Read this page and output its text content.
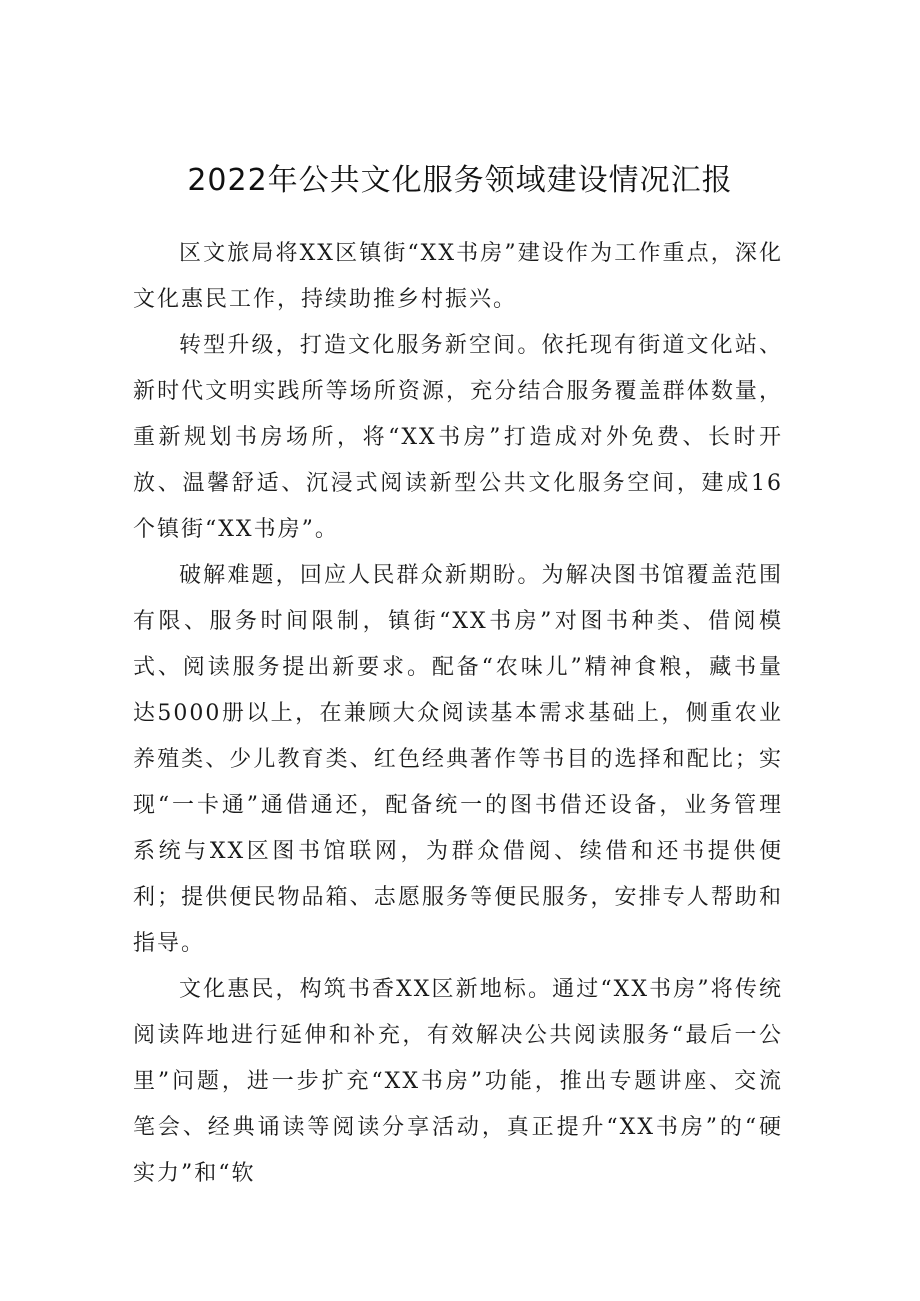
2022年公共文化服务领域建设情况汇报

区文旅局将XX区镇街“XX书房”建设作为工作重点，深化文化惠民工作，持续助推乡村振兴。

转型升级，打造文化服务新空间。依托现有街道文化站、新时代文明实践所等场所资源，充分结合服务覆盖群体数量，重新规划书房场所，将“XX书房”打造成对外免费、长时开放、温馨舒适、沉浸式阅读新型公共文化服务空间，建成16个镇街“XX书房”。

破解难题，回应人民群众新期盼。为解决图书馆覆盖范围有限、服务时间限制，镇街“XX书房”对图书种类、借阅模式、阅读服务提出新要求。配备“农味儿”精神食粮，藏书量达5000册以上，在兼顾大众阅读基本需求基础上，侧重农业养殖类、少儿教育类、红色经典著作等书目的选择和配比；实现“一卡通”通借通还，配备统一的图书借还设备，业务管理系统与XX区图书馆联网，为群众借阅、续借和还书提供便利；提供便民物品箱、志愿服务等便民服务，安排专人帮助和指导。

文化惠民，构筑书香XX区新地标。通过“XX书房”将传统阅读阵地进行延伸和补充，有效解决公共阅读服务“最后一公里”问题，进一步扩充“XX书房”功能，推出专题讲座、交流笔会、经典诵读等阅读分享活动，真正提升“XX书房”的“硬实力”和“软
